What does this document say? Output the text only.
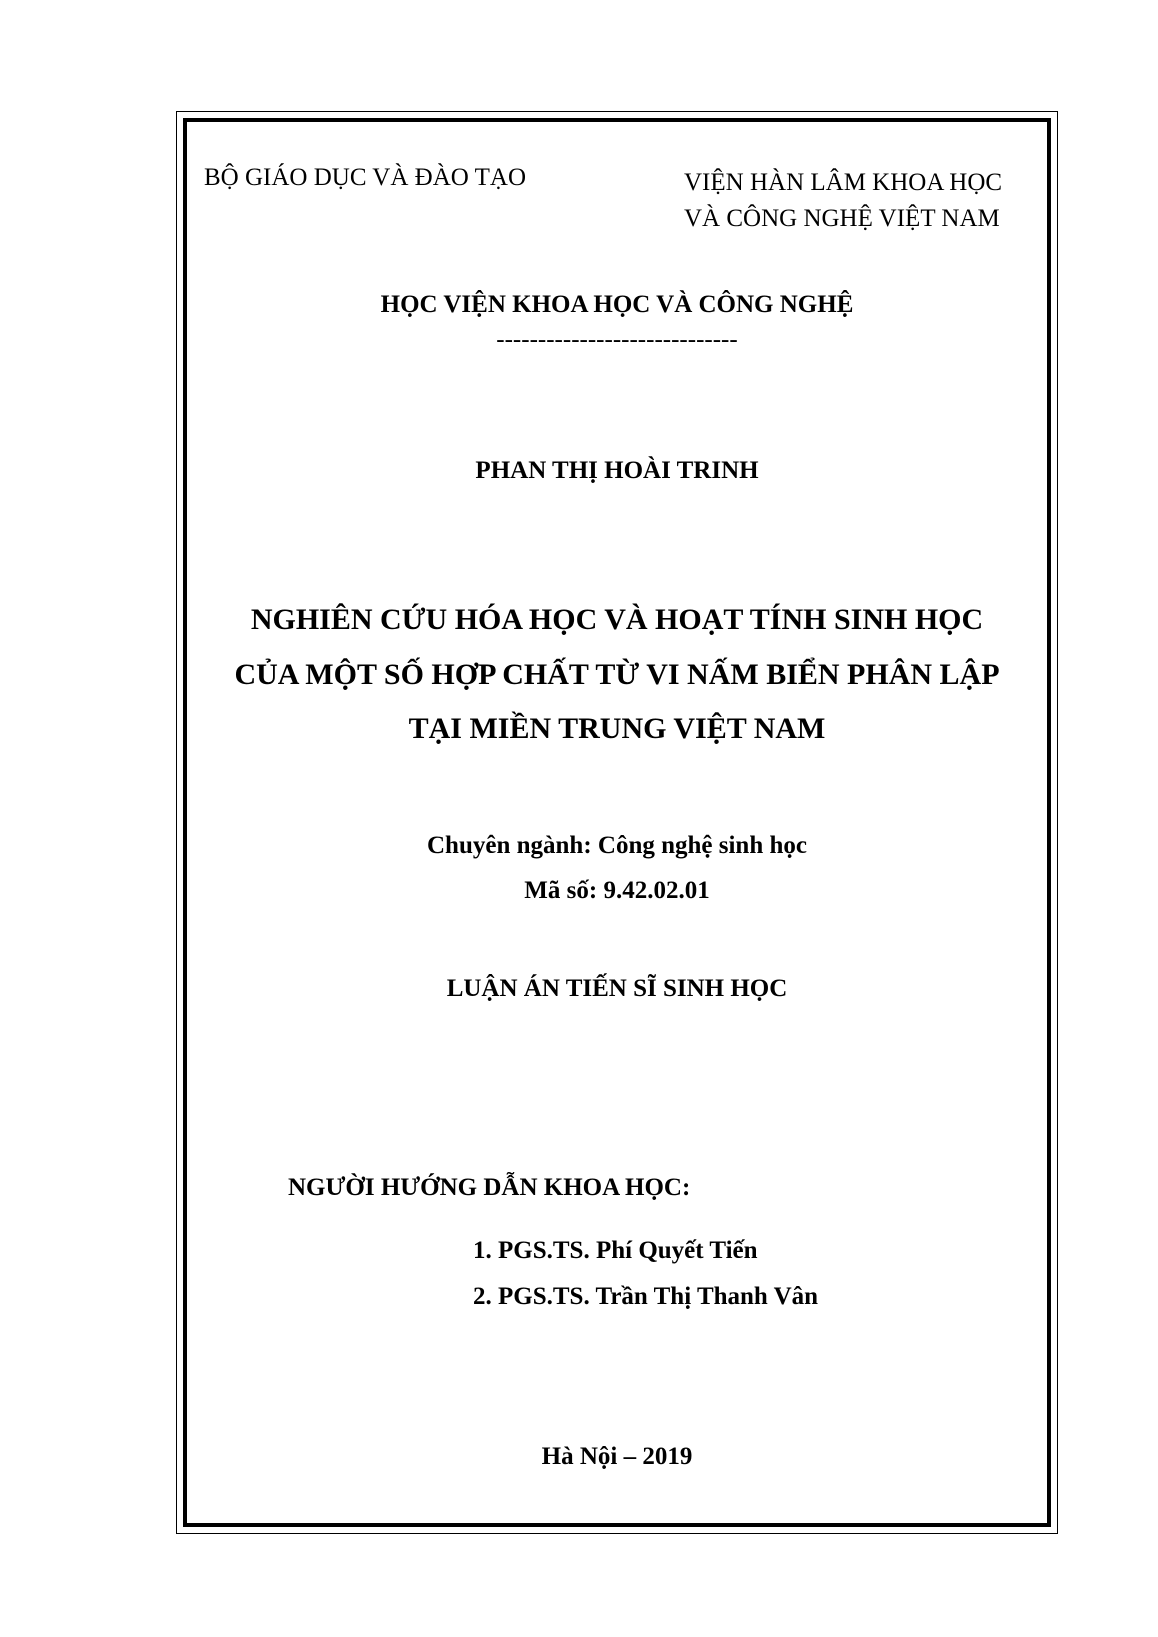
BỘ GIÁO DỤC VÀ ĐÀO TẠO	VIỆN HÀN LÂM KHOA HỌC
VÀ CÔNG NGHỆ VIỆT NAM
HỌC VIỆN KHOA HỌC VÀ CÔNG NGHỆ
-----------------------------
PHAN THỊ HOÀI TRINH
NGHIÊN CỨU HÓA HỌC VÀ HOẠT TÍNH SINH HỌC
CỦA MỘT SỐ HỢP CHẤT TỪ VI NẤM BIỂN PHÂN LẬP
TẠI MIỀN TRUNG VIỆT NAM
Chuyên ngành: Công nghệ sinh học
Mã số: 9.42.02.01
LUẬN ÁN TIẾN SĨ SINH HỌC
NGƯỜI HƯỚNG DẪN KHOA HỌC:
1. PGS.TS. Phí Quyết Tiến
2. PGS.TS. Trần Thị Thanh Vân
Hà Nội – 2019
